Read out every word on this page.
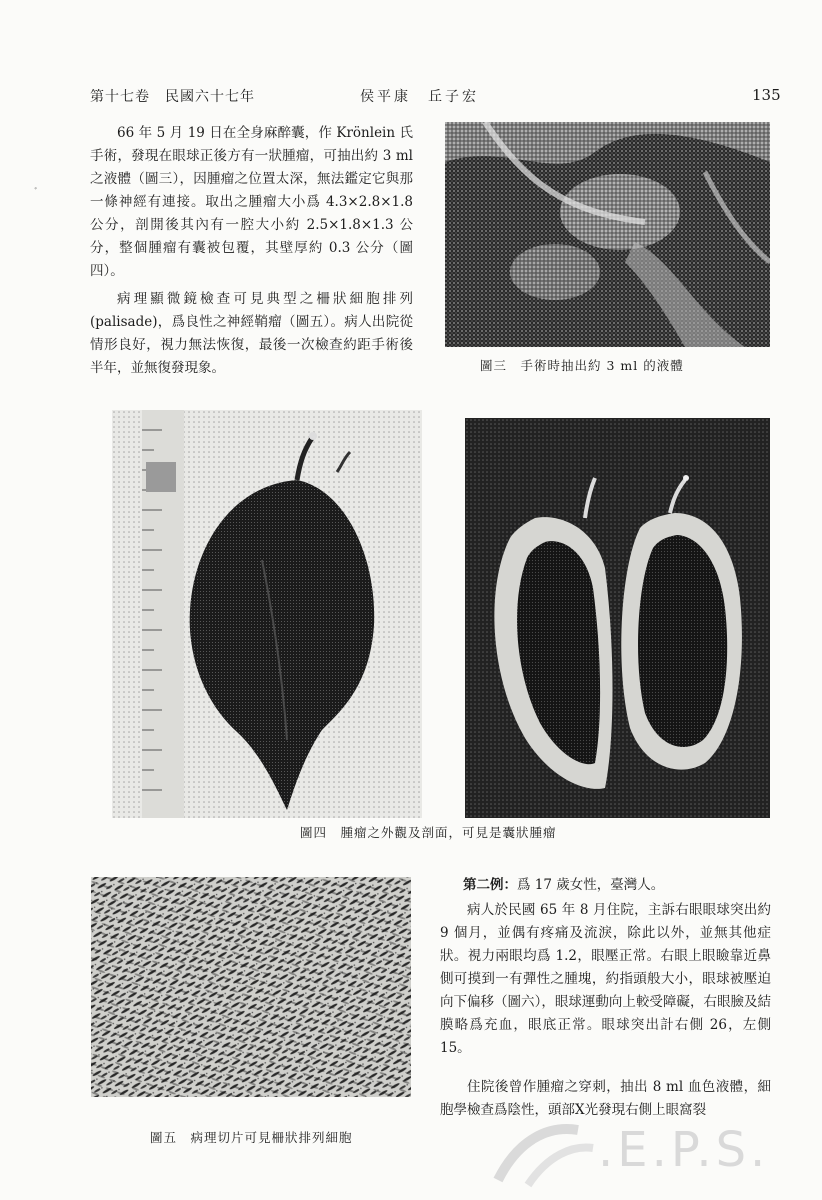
第十七卷　民國六十七年	侯平康　丘子宏	135

66 年 5 月 19 日在全身麻醉囊，作 Krönlein 氏手術，發現在眼球正後方有一狀腫瘤，可抽出約 3 ml 之液體（圖三），因腫瘤之位置太深，無法鑑定它與那一條神經有連接。取出之腫瘤大小爲 4.3×2.8×1.8 公分，剖開後其內有一腔大小約 2.5×1.8×1.3 公分，整個腫瘤有囊被包覆，其壁厚約 0.3 公分（圖四）。

病理顯微鏡檢查可見典型之柵狀細胞排列 (palisade)，爲良性之神經鞘瘤（圖五）。病人出院從情形良好，視力無法恢復，最後一次檢查約距手術後半年，並無復發現象。

ﾞ
圖三　手術時抽出約 3 ml 的液體
圖四　腫瘤之外觀及剖面，可見是囊狀腫瘤
圖五　病理切片可見柵狀排列細胞

第二例：爲 17 歲女性，臺灣人。

病人於民國 65 年 8 月住院，主訴右眼眼球突出約 9 個月，並偶有疼痛及流淚，除此以外，並無其他症狀。視力兩眼均爲 1.2，眼壓正常。右眼上眼瞼靠近鼻側可摸到一有彈性之腫塊，約指頭般大小，眼球被壓迫向下偏移（圖六），眼球運動向上較受障礙，右眼臉及結膜略爲充血，眼底正常。眼球突出計右側 26，左側 15。

住院後曾作腫瘤之穿刺，抽出 8 ml 血色液體，細胞學檢查爲陰性，頭部X光發現右側上眼窩裂

.E.P.S.
